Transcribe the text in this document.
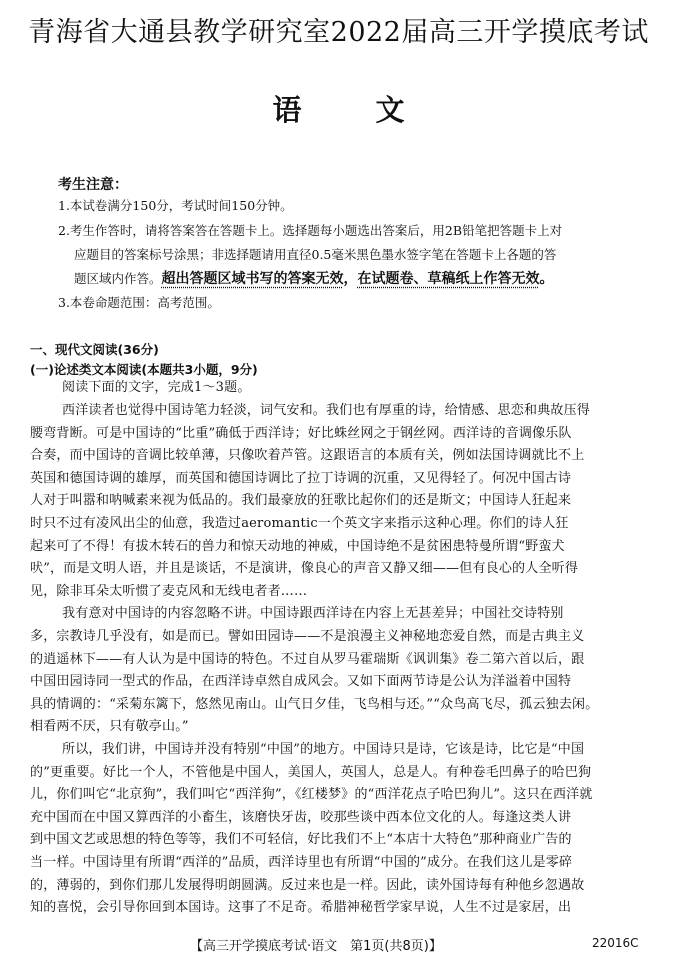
青海省大通县教学研究室2022届高三开学摸底考试
语	文
考生注意：

1.本试卷满分150分，考试时间150分钟。

2.考生作答时，请将答案答在答题卡上。选择题每小题选出答案后，用2B铅笔把答题卡上对

应题目的答案标号涂黑；非选择题请用直径0.5毫米黑色墨水签字笔在答题卡上各题的答

题区域内作答。超出答题区域书写的答案无效，在试题卷、草稿纸上作答无效。

3.本卷命题范围：高考范围。

一、现代文阅读(36分)
(一)论述类文本阅读(本题共3小题，9分)

阅读下面的文字，完成1～3题。

西洋读者也觉得中国诗笔力轻淡，词气安和。我们也有厚重的诗，给情感、思恋和典故压得

腰弯背断。可是中国诗的“比重”确低于西洋诗；好比蛛丝网之于钢丝网。西洋诗的音调像乐队

合奏，而中国诗的音调比较单薄，只像吹着芦管。这跟语言的本质有关，例如法国诗调就比不上

英国和德国诗调的雄厚，而英国和德国诗调比了拉丁诗调的沉重，又见得轻了。何况中国古诗

人对于叫嚣和呐喊素来视为低品的。我们最豪放的狂歌比起你们的还是斯文；中国诗人狂起来

时只不过有凌风出尘的仙意，我造过aeromantic一个英文字来指示这种心理。你们的诗人狂

起来可了不得！有拔木转石的兽力和惊天动地的神威，中国诗绝不是贫困患特曼所谓“野蛮犬

吠”，而是文明人语，并且是谈话，不是演讲，像良心的声音又静又细——但有良心的人全听得

见，除非耳朵太听惯了麦克风和无线电者者……

我有意对中国诗的内容忽略不讲。中国诗跟西洋诗在内容上无甚差异；中国社交诗特别

多，宗教诗几乎没有，如是而已。譬如田园诗——不是浪漫主义神秘地恋爱自然，而是古典主义

的逍遥林下——有人认为是中国诗的特色。不过自从罗马霍瑞斯《讽训集》卷二第六首以后，跟

中国田园诗同一型式的作品，在西洋诗卓然自成风会。又如下面两节诗是公认为洋溢着中国特

具的情调的：“采菊东篱下，悠然见南山。山气日夕佳，飞鸟相与还。”“众鸟高飞尽，孤云独去闲。

相看两不厌，只有敬亭山。”

所以，我们讲，中国诗并没有特别“中国”的地方。中国诗只是诗，它该是诗，比它是“中国

的”更重要。好比一个人，不管他是中国人，美国人，英国人，总是人。有种卷毛凹鼻子的哈巴狗

儿，你们叫它“北京狗”，我们叫它“西洋狗”，《红楼梦》的“西洋花点子哈巴狗儿”。这只在西洋就

充中国而在中国又算西洋的小畜生，该磨快牙齿，咬那些谈中西本位文化的人。每逢这类人讲

到中国文艺或思想的特色等等，我们不可轻信，好比我们不上“本店十大特色”那种商业广告的

当一样。中国诗里有所谓“西洋的”品质，西洋诗里也有所谓“中国的”成分。在我们这儿是零碎

的，薄弱的，到你们那儿发展得明朗圆满。反过来也是一样。因此，读外国诗每有种他乡忽遇故

知的喜悦，会引导你回到本国诗。这事了不足奇。希腊神秘哲学家早说，人生不过是家居，出

【高三开学摸底考试·语文　第1页(共8页)】	22016C
